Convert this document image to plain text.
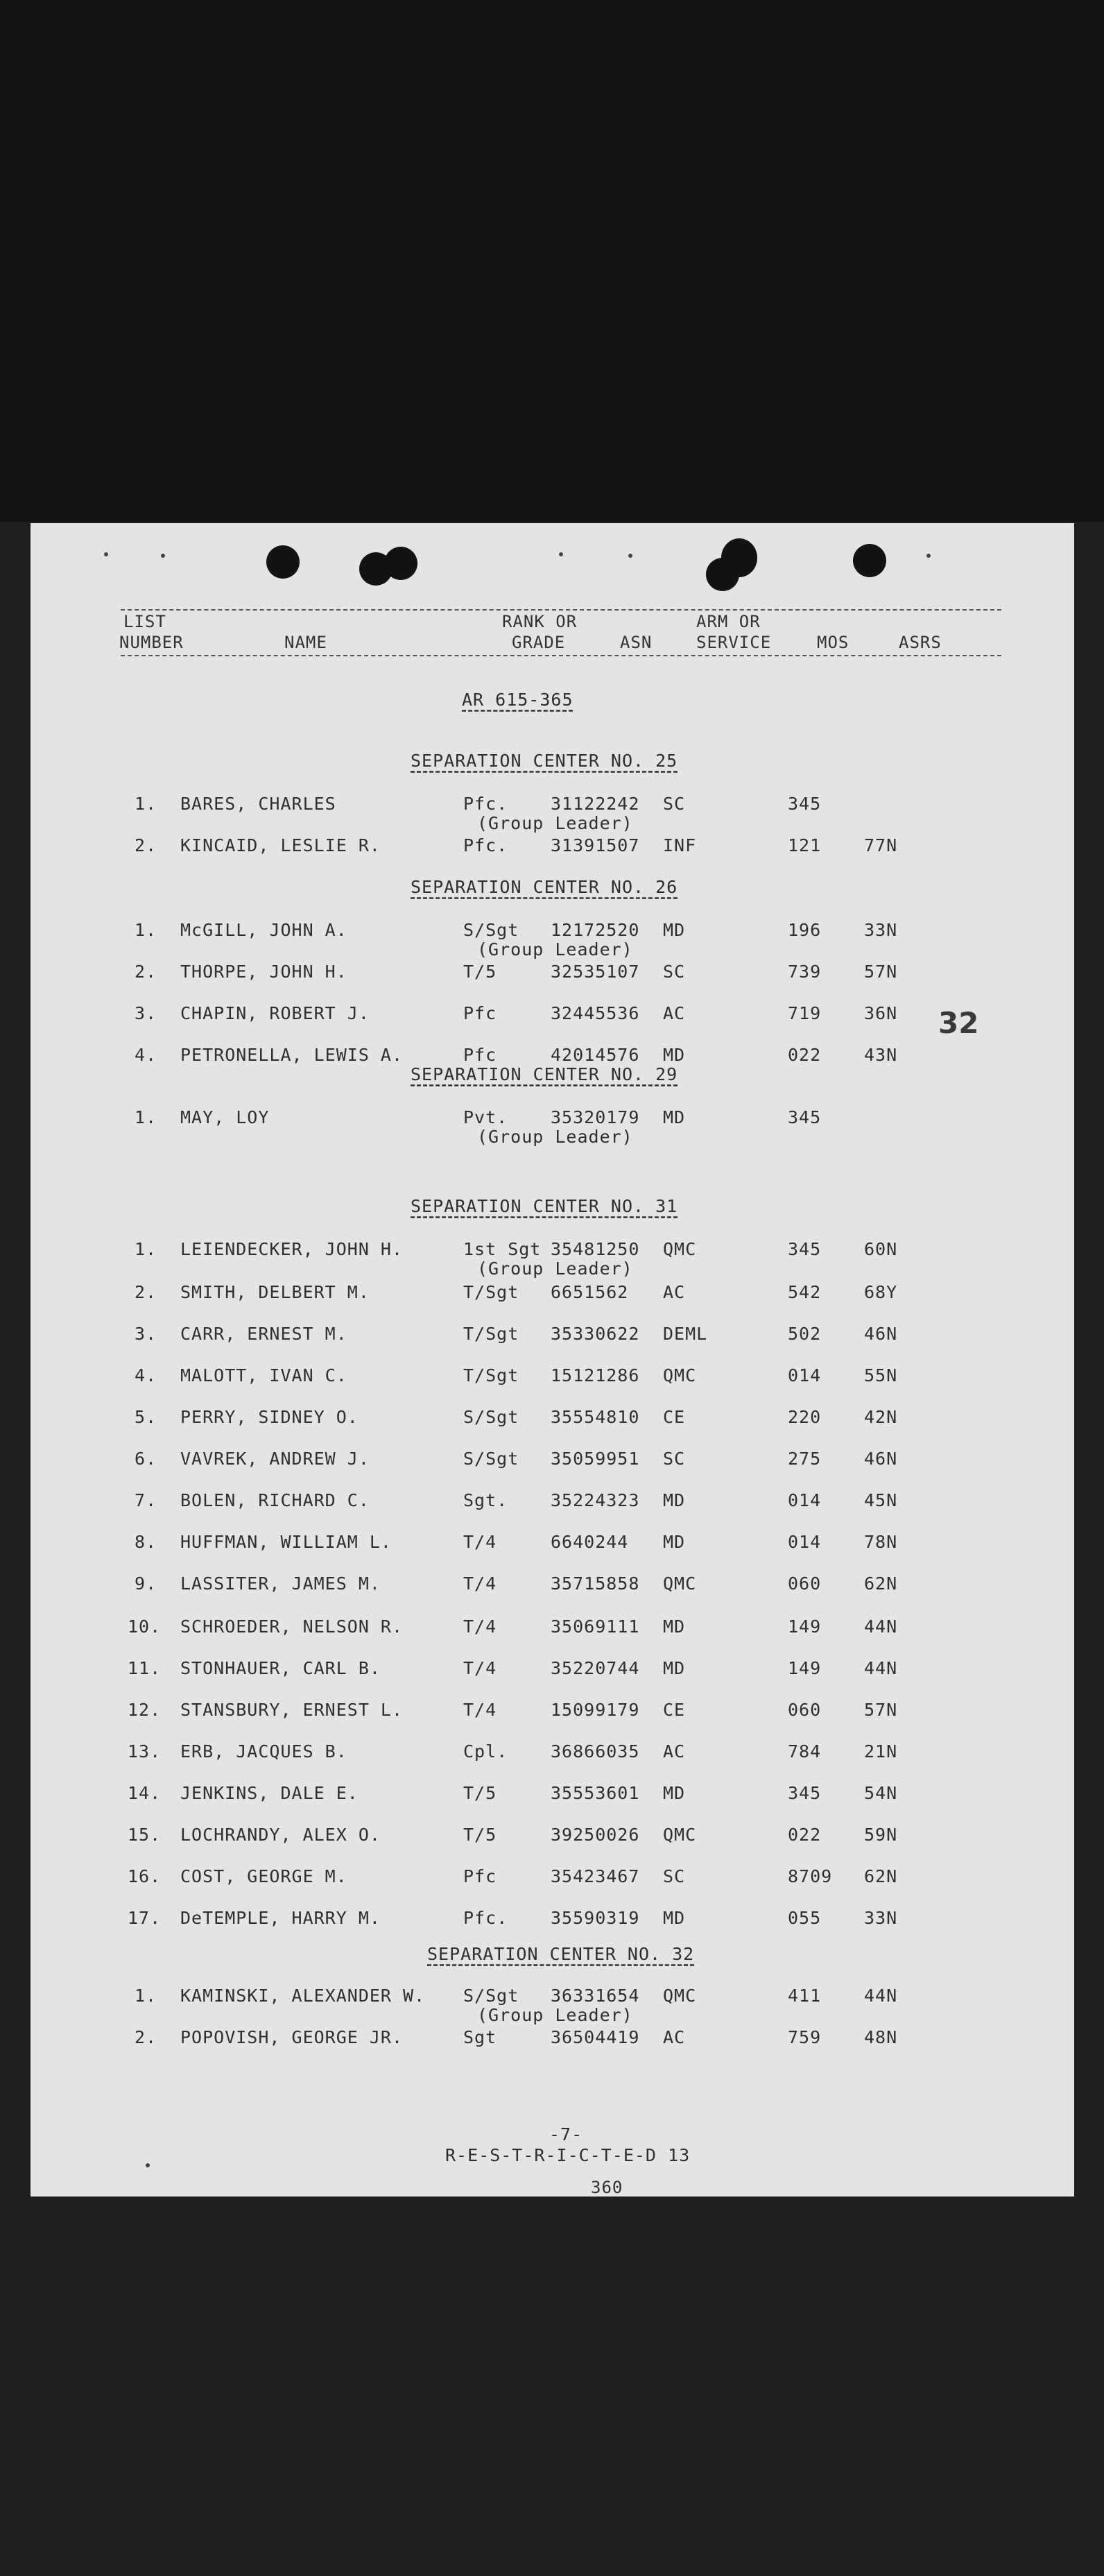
LIST
NUMBER	NAME
RANK OR
GRADE	ASN
ARM OR
SERVICE	MOS	ASRS
AR 615-365
32
SEPARATION CENTER NO. 25
1. BARES, CHARLES	Pfc. 31122242 SC	345
(Group Leader)
2. KINCAID, LESLIE R.	Pfc. 31391507 INF	121 77N
SEPARATION CENTER NO. 26
1. McGILL, JOHN A.	S/Sgt 12172520 MD	196 33N
(Group Leader)
2. THORPE, JOHN H.	T/5	32535107 SC	739 57N
3. CHAPIN, ROBERT J.	Pfc	32445536 AC	719 36N
4. PETRONELLA, LEWIS A.	Pfc	42014576 MD	022 43N
SEPARATION CENTER NO. 29
1. MAY, LOY	Pvt. 35320179 MD	345
(Group Leader)
SEPARATION CENTER NO. 31
1. LEIENDECKER, JOHN H.	1st Sgt 35481250 QMC	345 60N
(Group Leader)
2. SMITH, DELBERT M.	T/Sgt 6651562 AC	542 68Y
3. CARR, ERNEST M.	T/Sgt 35330622 DEML	502 46N
4. MALOTT, IVAN C.	T/Sgt 15121286 QMC	014 55N
5. PERRY, SIDNEY O.	S/Sgt 35554810 CE	220 42N
6. VAVREK, ANDREW J.	S/Sgt 35059951 SC	275 46N
7. BOLEN, RICHARD C.	Sgt. 35224323 MD	014 45N
8. HUFFMAN, WILLIAM L.	T/4	6640244 MD	014 78N
9. LASSITER, JAMES M.	T/4	35715858 QMC	060 62N
10. SCHROEDER, NELSON R.	T/4	35069111 MD	149 44N
11. STONHAUER, CARL B.	T/4	35220744 MD	149 44N
12. STANSBURY, ERNEST L.	T/4	15099179 CE	060 57N
13. ERB, JACQUES B.	Cpl. 36866035 AC	784 21N
14. JENKINS, DALE E.	T/5	35553601 MD	345 54N
15. LOCHRANDY, ALEX O.	T/5	39250026 QMC	022 59N
16. COST, GEORGE M.	Pfc	35423467 SC	8709 62N
17. DeTEMPLE, HARRY M.	Pfc. 35590319 MD	055 33N
SEPARATION CENTER NO. 32
1. KAMINSKI, ALEXANDER W. S/Sgt 36331654 QMC	411 44N
(Group Leader)
2. POPOVISH, GEORGE JR.	Sgt	36504419 AC	759 48N
-7-
R-E-S-T-R-I-C-T-E-D 13
360
